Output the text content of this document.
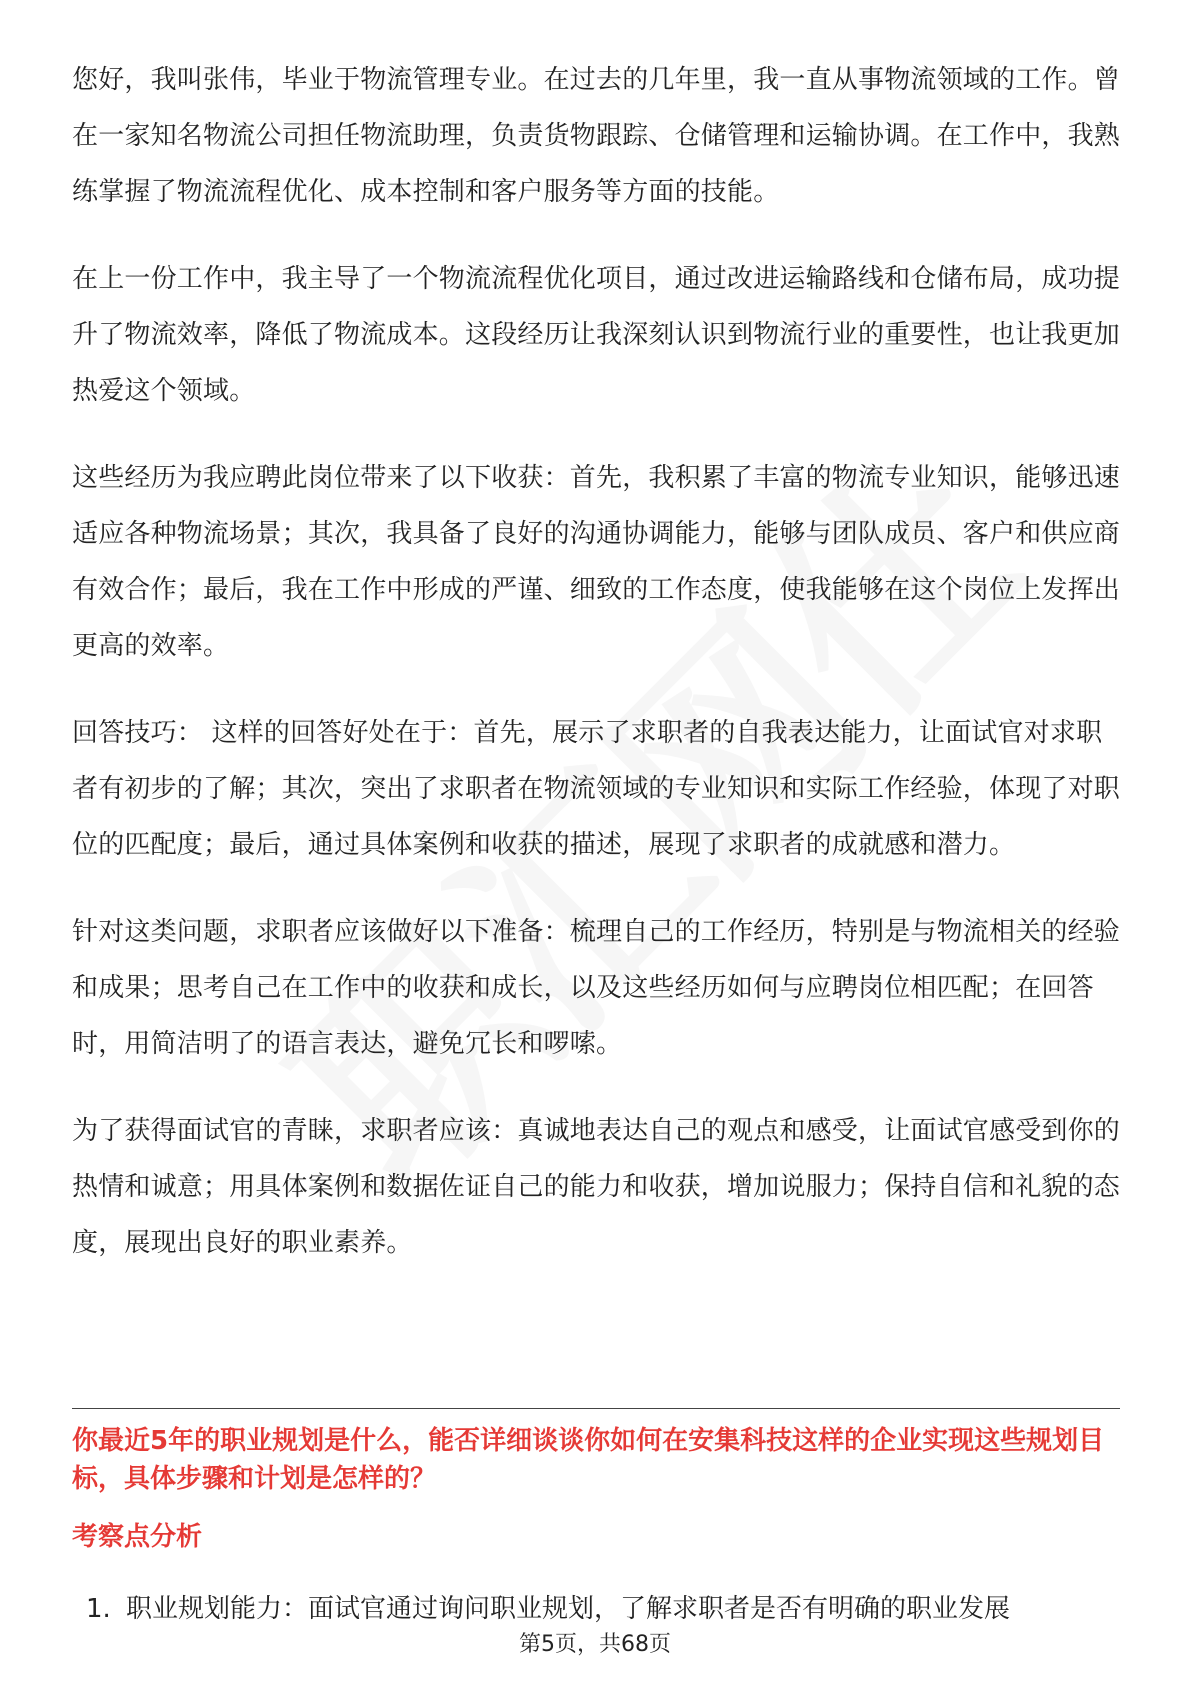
您好，我叫张伟，毕业于物流管理专业。在过去的几年里，我一直从事物流领域的工作。曾在一家知名物流公司担任物流助理，负责货物跟踪、仓储管理和运输协调。在工作中，我熟练掌握了物流流程优化、成本控制和客户服务等方面的技能。

在上一份工作中，我主导了一个物流流程优化项目，通过改进运输路线和仓储布局，成功提升了物流效率，降低了物流成本。这段经历让我深刻认识到物流行业的重要性，也让我更加热爱这个领域。

这些经历为我应聘此岗位带来了以下收获：首先，我积累了丰富的物流专业知识，能够迅速适应各种物流场景；其次，我具备了良好的沟通协调能力，能够与团队成员、客户和供应商有效合作；最后，我在工作中形成的严谨、细致的工作态度，使我能够在这个岗位上发挥出更高的效率。

回答技巧： 这样的回答好处在于：首先，展示了求职者的自我表达能力，让面试官对求职者有初步的了解；其次，突出了求职者在物流领域的专业知识和实际工作经验，体现了对职位的匹配度；最后，通过具体案例和收获的描述，展现了求职者的成就感和潜力。

针对这类问题，求职者应该做好以下准备：梳理自己的工作经历，特别是与物流相关的经验和成果；思考自己在工作中的收获和成长，以及这些经历如何与应聘岗位相匹配；在回答时，用简洁明了的语言表达，避免冗长和啰嗦。

为了获得面试官的青睐，求职者应该：真诚地表达自己的观点和感受，让面试官感受到你的热情和诚意；用具体案例和数据佐证自己的能力和收获，增加说服力；保持自信和礼貌的态度，展现出良好的职业素养。

你最近5年的职业规划是什么，能否详细谈谈你如何在安集科技这样的企业实现这些规划目标，具体步骤和计划是怎样的？

考察点分析

1. 职业规划能力：面试官通过询问职业规划，了解求职者是否有明确的职业发展
第5页，共68页
